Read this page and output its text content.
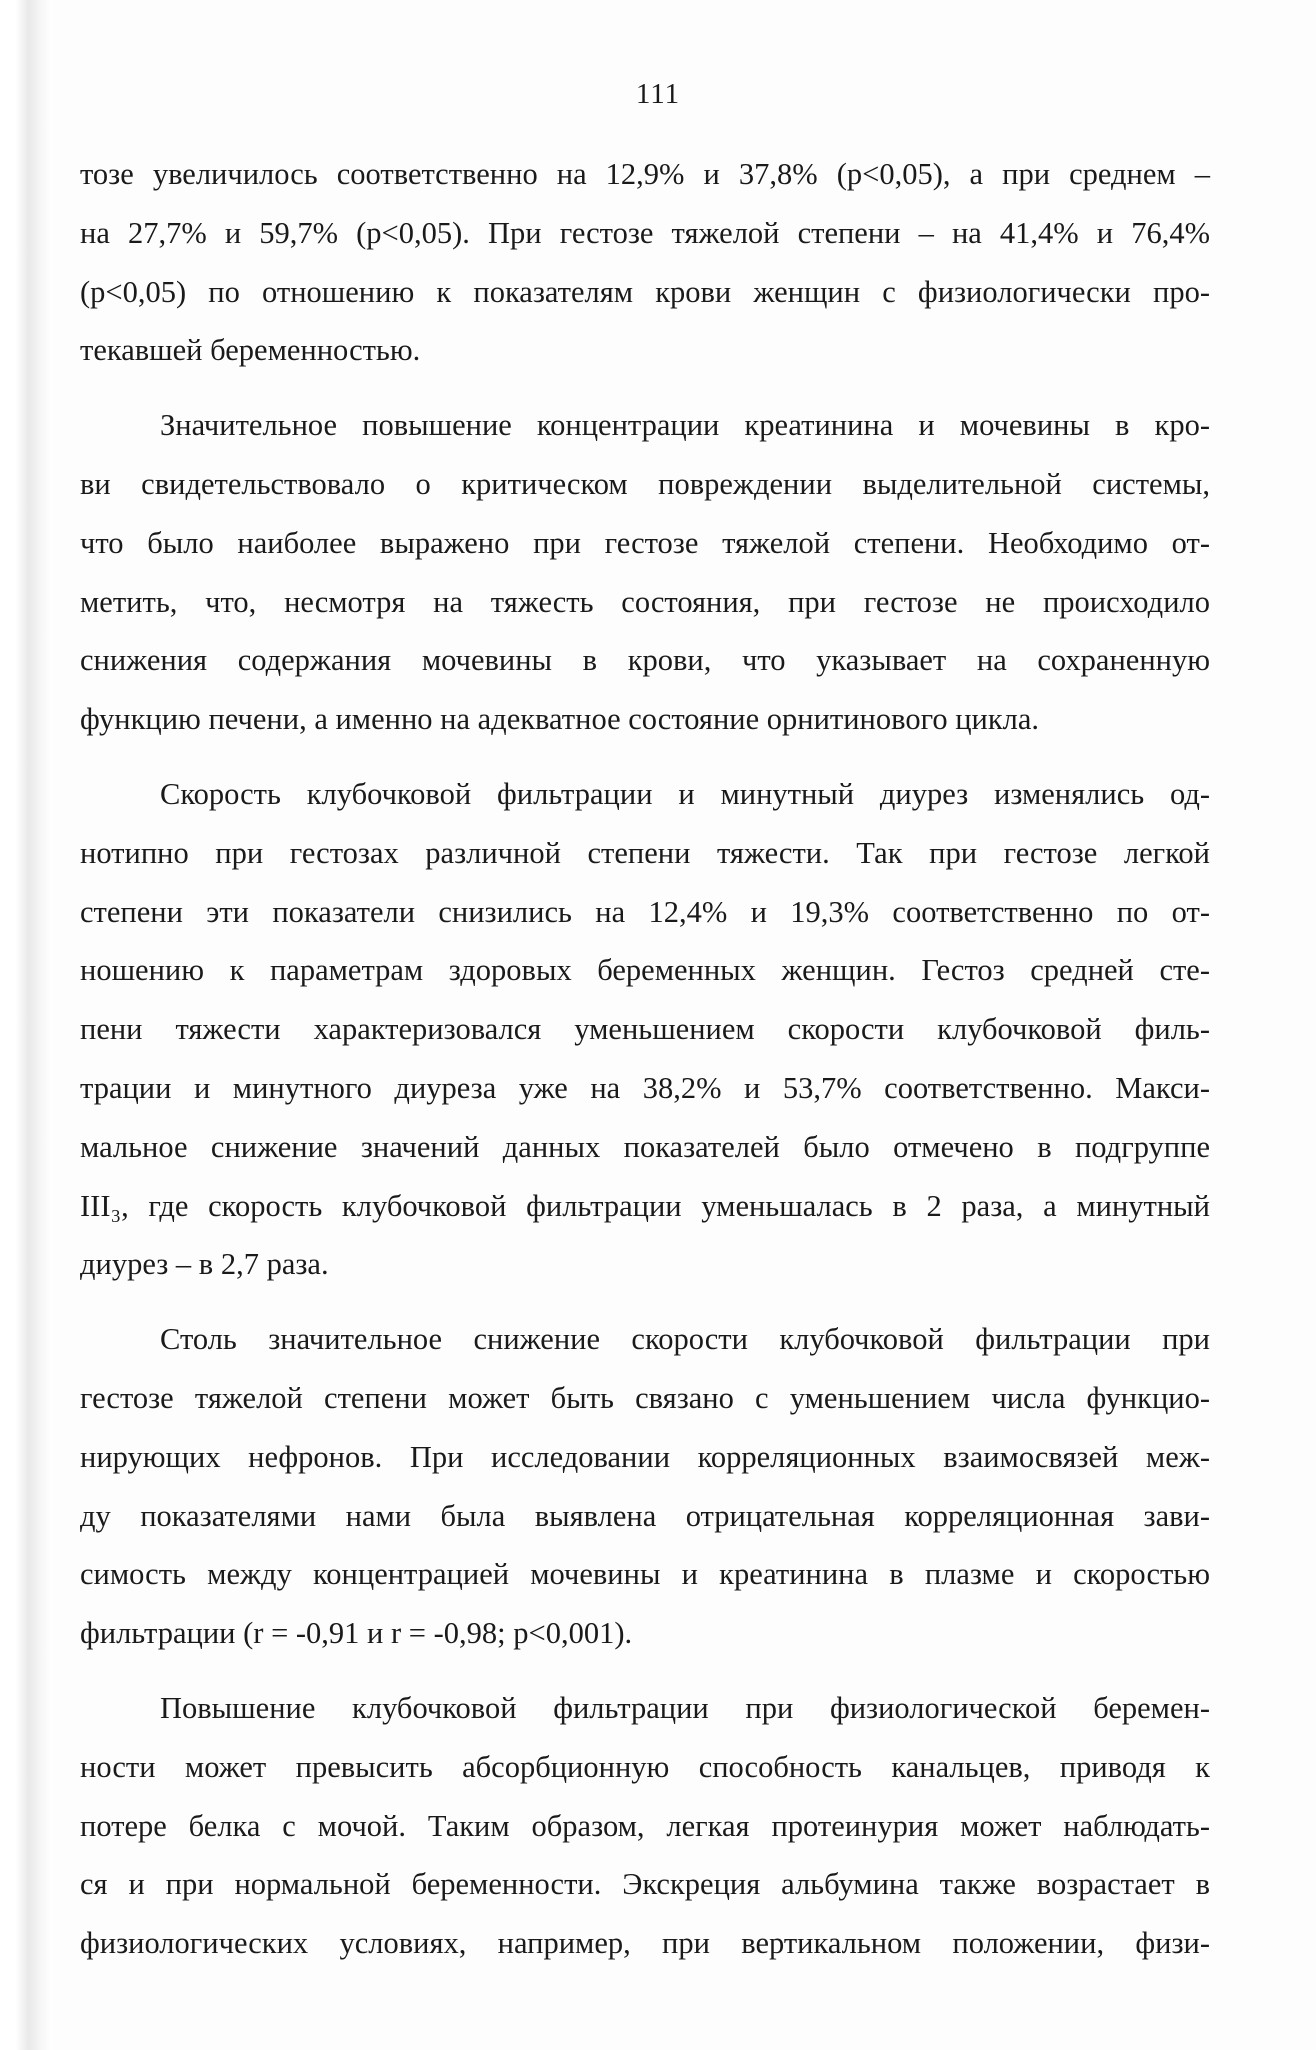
111
тозе увеличилось соответственно на 12,9% и 37,8% (p<0,05), а при среднем –
на 27,7% и 59,7% (p<0,05). При гестозе тяжелой степени – на 41,4% и 76,4%
(p<0,05) по отношению к показателям крови женщин с физиологически про-
текавшей беременностью.
Значительное повышение концентрации креатинина и мочевины в кро-
ви свидетельствовало о критическом повреждении выделительной системы,
что было наиболее выражено при гестозе тяжелой степени. Необходимо от-
метить, что, несмотря на тяжесть состояния, при гестозе не происходило
снижения содержания мочевины в крови, что указывает на сохраненную
функцию печени, а именно на адекватное состояние орнитинового цикла.
Скорость клубочковой фильтрации и минутный диурез изменялись од-
нотипно при гестозах различной степени тяжести. Так при гестозе легкой
степени эти показатели снизились на 12,4% и 19,3% соответственно по от-
ношению к параметрам здоровых беременных женщин. Гестоз средней сте-
пени тяжести характеризовался уменьшением скорости клубочковой филь-
трации и минутного диуреза уже на 38,2% и 53,7% соответственно. Макси-
мальное снижение значений данных показателей было отмечено в подгруппе
III₃, где скорость клубочковой фильтрации уменьшалась в 2 раза, а минутный
диурез – в 2,7 раза.
Столь значительное снижение скорости клубочковой фильтрации при
гестозе тяжелой степени может быть связано с уменьшением числа функцио-
нирующих нефронов. При исследовании корреляционных взаимосвязей меж-
ду показателями нами была выявлена отрицательная корреляционная зави-
симость между концентрацией мочевины и креатинина в плазме и скоростью
фильтрации (r = -0,91 и r = -0,98; p<0,001).
Повышение клубочковой фильтрации при физиологической беремен-
ности может превысить абсорбционную способность канальцев, приводя к
потере белка с мочой. Таким образом, легкая протеинурия может наблюдать-
ся и при нормальной беременности. Экскреция альбумина также возрастает в
физиологических условиях, например, при вертикальном положении, физи-
